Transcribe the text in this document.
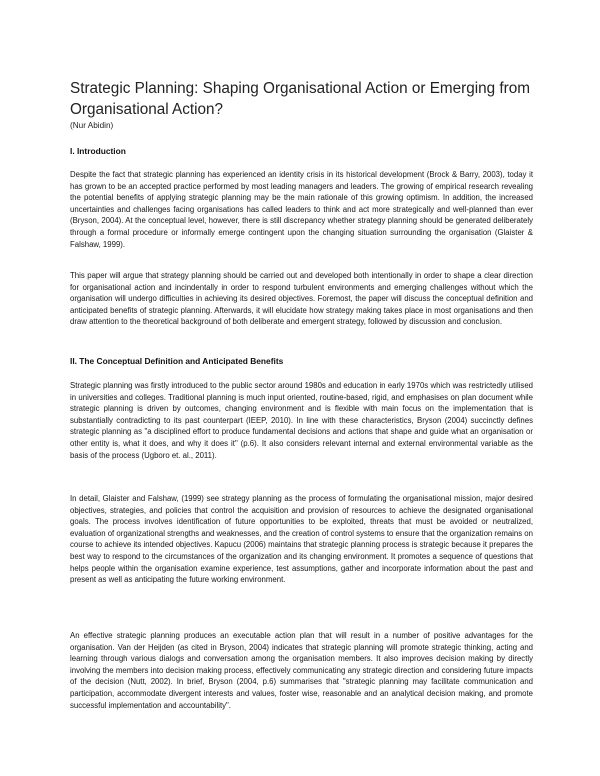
Strategic Planning: Shaping Organisational Action or Emerging from Organisational Action?
(Nur Abidin)
I. Introduction

Despite the fact that strategic planning has experienced an identity crisis in its historical development (Brock & Barry, 2003), today it has grown to be an accepted practice performed by most leading managers and leaders. The growing of empirical research revealing the potential benefits of applying strategic planning may be the main rationale of this growing optimism. In addition, the increased uncertainties and challenges facing organisations has called leaders to think and act more strategically and well-planned than ever (Bryson, 2004). At the conceptual level, however, there is still discrepancy whether strategy planning should be generated deliberately through a formal procedure or informally emerge contingent upon the changing situation surrounding the organisation (Glaister & Falshaw, 1999).

This paper will argue that strategy planning should be carried out and developed both intentionally in order to shape a clear direction for organisational action and incindentally in order to respond turbulent environments and emerging challenges without which the organisation will undergo difficulties in achieving its desired objectives. Foremost, the paper will discuss the conceptual definition and anticipated benefits of strategic planning. Afterwards, it will elucidate how strategy making takes place in most organisations and then draw attention to the theoretical background of both deliberate and emergent strategy, followed by discussion and conclusion.

II. The Conceptual Definition and Anticipated Benefits

Strategic planning was firstly introduced to the public sector around 1980s and education in early 1970s which was restrictedly utilised in universities and colleges. Traditional planning is much input oriented, routine-based, rigid, and emphasises on plan document while strategic planning is driven by outcomes, changing environment and is flexible with main focus on the implementation that is substantially contradicting to its past counterpart (IEEP, 2010). In line with these characteristics, Bryson (2004) succinctly defines strategic planning as "a disciplined effort to produce fundamental decisions and actions that shape and guide what an organisation or other entity is, what it does, and why it does it" (p.6). It also considers relevant internal and external environmental variable as the basis of the process (Ugboro et. al., 2011).

In detail, Glaister and Falshaw, (1999) see strategy planning as the process of formulating the organisational mission, major desired objectives, strategies, and policies that control the acquisition and provision of resources to achieve the designated organisational goals. The process involves identification of future opportunities to be exploited, threats that must be avoided or neutralized, evaluation of organizational strengths and weaknesses, and the creation of control systems to ensure that the organization remains on course to achieve its intended objectives. Kapucu (2006) maintains that strategic planning process is strategic because it prepares the best way to respond to the circumstances of the organization and its changing environment. It promotes a sequence of questions that helps people within the organisation examine experience, test assumptions, gather and incorporate information about the past and present as well as anticipating the future working environment.

An effective strategic planning produces an executable action plan that will result in a number of positive advantages for the organisation. Van der Heijden (as cited in Bryson, 2004) indicates that strategic planning will promote strategic thinking, acting and learning through various dialogs and conversation among the organisation members. It also improves decision making by directly involving the members into decision making process, effectively communicating any strategic direction and considering future impacts of the decision (Nutt, 2002). In brief, Bryson (2004, p.6) summarises that "strategic planning may facilitate communication and participation, accommodate divergent interests and values, foster wise, reasonable and an analytical decision making, and promote successful implementation and accountability".
